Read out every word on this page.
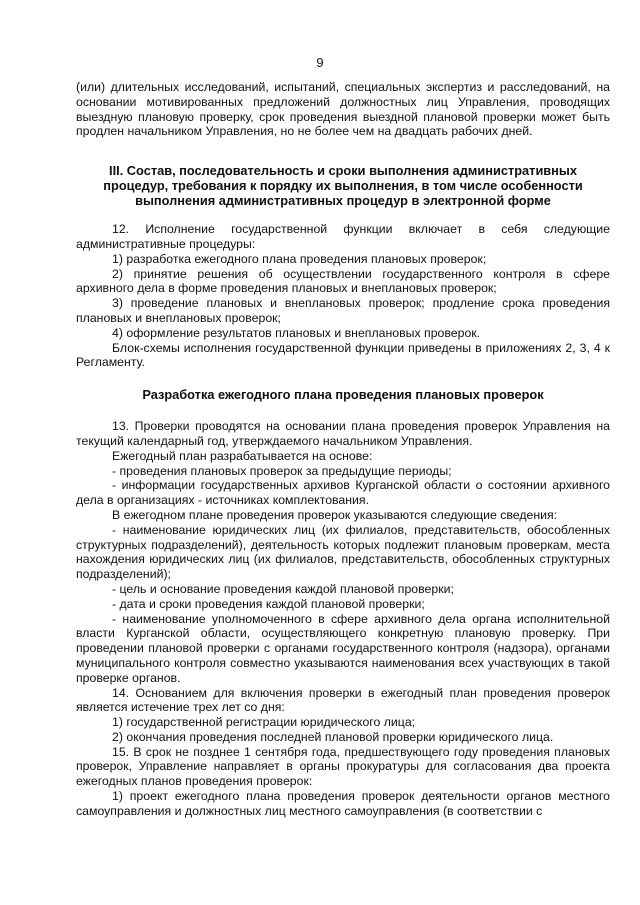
9

(или) длительных исследований, испытаний, специальных экспертиз и расследований, на основании мотивированных предложений должностных лиц Управления, проводящих выездную плановую проверку, срок проведения выездной плановой проверки может быть продлен начальником Управления, но не более чем на двадцать рабочих дней.

III. Состав, последовательность и сроки выполнения административных процедур, требования к порядку их выполнения, в том числе особенности выполнения административных процедур в электронной форме

12. Исполнение государственной функции включает в себя следующие административные процедуры:

1) разработка ежегодного плана проведения плановых проверок;

2) принятие решения об осуществлении государственного контроля в сфере архивного дела в форме проведения плановых и внеплановых проверок;

3) проведение плановых и внеплановых проверок; продление срока проведения плановых и внеплановых проверок;

4) оформление результатов плановых и внеплановых проверок.

Блок-схемы исполнения государственной функции приведены в приложениях 2, 3, 4 к Регламенту.

Разработка ежегодного плана проведения плановых проверок

13. Проверки проводятся на основании плана проведения проверок Управления на текущий календарный год, утверждаемого начальником Управления.

Ежегодный план разрабатывается на основе:

- проведения плановых проверок за предыдущие периоды;

- информации государственных архивов Курганской области о состоянии архивного дела в организациях - источниках комплектования.

В ежегодном плане проведения проверок указываются следующие сведения:

- наименование юридических лиц (их филиалов, представительств, обособленных структурных подразделений), деятельность которых подлежит плановым проверкам, места нахождения юридических лиц (их филиалов, представительств, обособленных структурных подразделений);

- цель и основание проведения каждой плановой проверки;

- дата и сроки проведения каждой плановой проверки;

- наименование уполномоченного в сфере архивного дела органа исполнительной власти Курганской области, осуществляющего конкретную плановую проверку. При проведении плановой проверки с органами государственного контроля (надзора), органами муниципального контроля совместно указываются наименования всех участвующих в такой проверке органов.

14. Основанием для включения проверки в ежегодный план проведения проверок является истечение трех лет со дня:

1) государственной регистрации юридического лица;

2) окончания проведения последней плановой проверки юридического лица.

15. В срок не позднее 1 сентября года, предшествующего году проведения плановых проверок, Управление направляет в органы прокуратуры для согласования два проекта ежегодных планов проведения проверок:

1) проект ежегодного плана проведения проверок деятельности органов местного самоуправления и должностных лиц местного самоуправления (в соответствии с
